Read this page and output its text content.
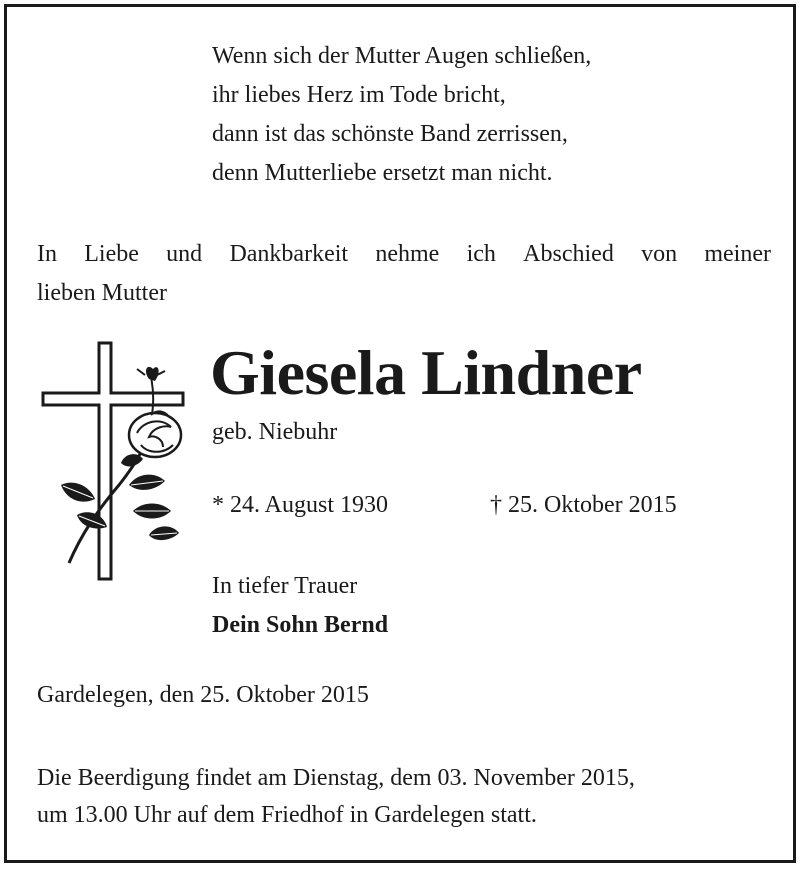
Wenn sich der Mutter Augen schließen,
ihr liebes Herz im Tode bricht,
dann ist das schönste Band zerrissen,
denn Mutterliebe ersetzt man nicht.
In Liebe und Dankbarkeit nehme ich Abschied von meiner
lieben Mutter
Giesela Lindner
geb. Niebuhr
* 24. August 1930	† 25. Oktober 2015
In tiefer Trauer
Dein Sohn Bernd
Gardelegen, den 25. Oktober 2015
Die Beerdigung findet am Dienstag, dem 03. November 2015,
um 13.00 Uhr auf dem Friedhof in Gardelegen statt.
